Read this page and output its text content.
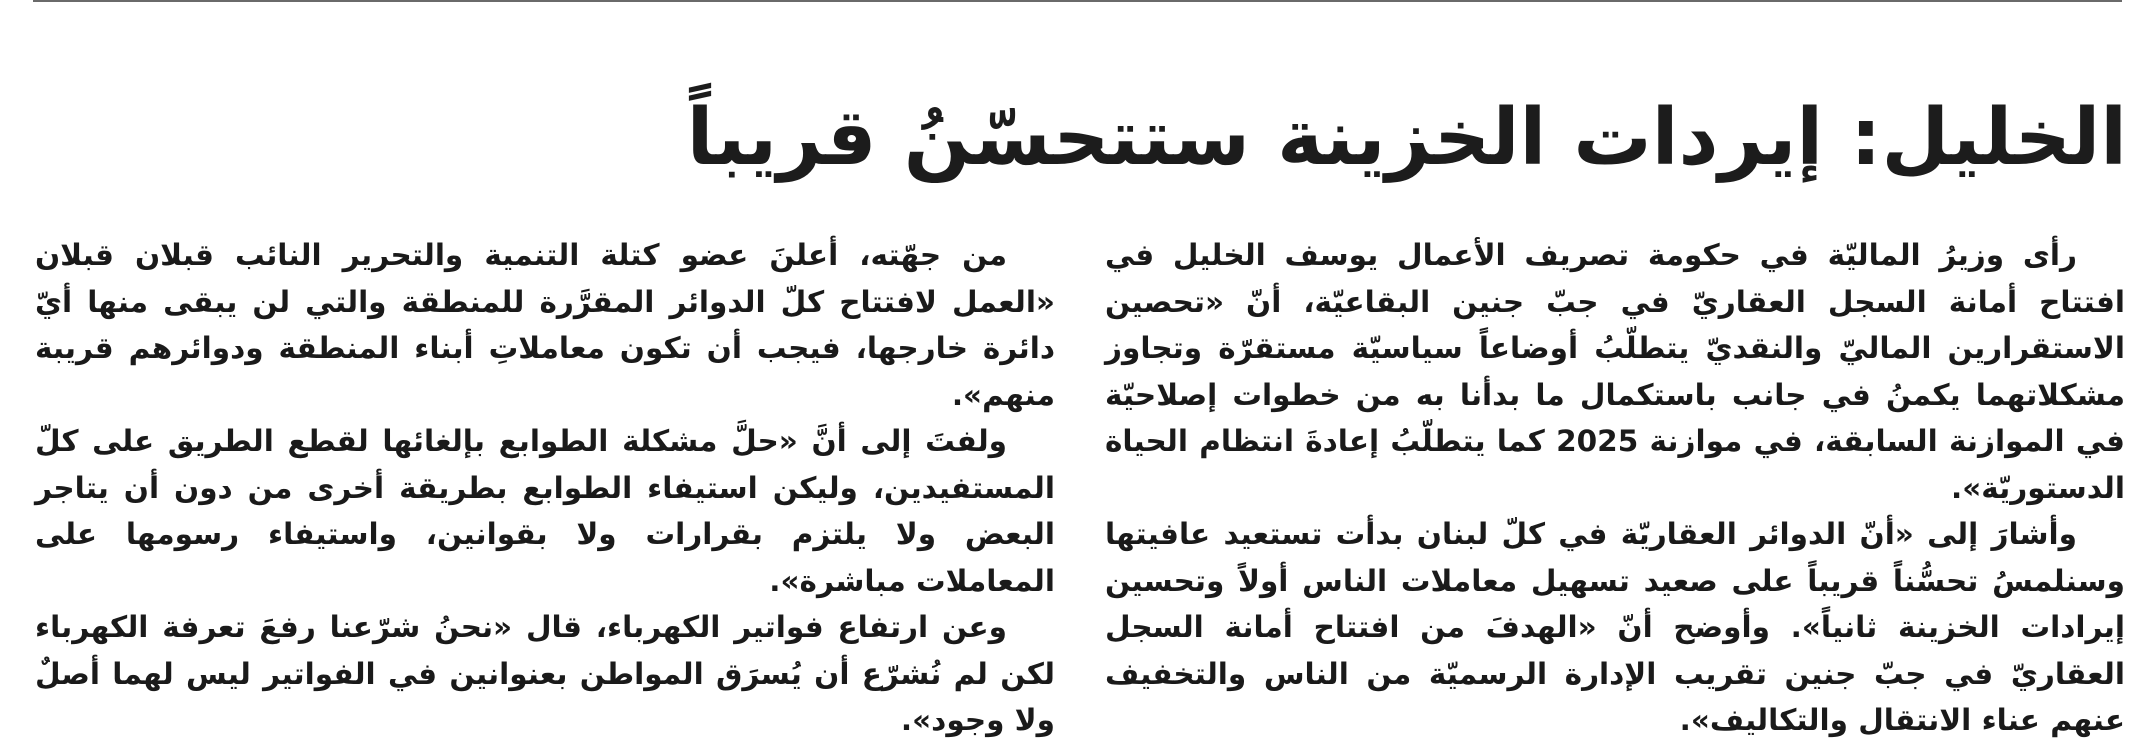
الخليل: إيردات الخزينة ستتحسّنُ قريباً

رأى وزيرُ الماليّة في حكومة تصريف الأعمال يوسف الخليل في افتتاح أمانة السجل العقاريّ في جبّ جنين البقاعيّة، أنّ «تحصين الاستقرارين الماليّ والنقديّ يتطلّبُ أوضاعاً سياسيّة مستقرّة وتجاوز مشكلاتهما يكمنُ في جانب باستكمال ما بدأنا به من خطوات إصلاحيّة في الموازنة السابقة، في موازنة 2025 كما يتطلّبُ إعادةَ انتظام الحياة الدستوريّة».

وأشارَ إلى «أنّ الدوائر العقاريّة في كلّ لبنان بدأت تستعيد عافيتها وسنلمسُ تحسُّناً قريباً على صعيد تسهيل معاملات الناس أولاً وتحسين إيرادات الخزينة ثانياً». وأوضح أنّ «الهدفَ من افتتاح أمانة السجل العقاريّ في جبّ جنين تقريب الإدارة الرسميّة من الناس والتخفيف عنهم عناء الانتقال والتكاليف».

من جهّته، أعلنَ عضو كتلة التنمية والتحرير النائب قبلان قبلان «العمل لافتتاح كلّ الدوائر المقرَّرة للمنطقة والتي لن يبقى منها أيّ دائرة خارجها، فيجب أن تكون معاملاتِ أبناء المنطقة ودوائرهم قريبة منهم».

ولفتَ إلى أنَّ «حلَّ مشكلة الطوابع بإلغائها لقطع الطريق على كلّ المستفيدين، وليكن استيفاء الطوابع بطريقة أخرى من دون أن يتاجر البعض ولا يلتزم بقرارات ولا بقوانين، واستيفاء رسومها على المعاملات مباشرة».

وعن ارتفاع فواتير الكهرباء، قال «نحنُ شرّعنا رفعَ تعرفة الكهرباء لكن لم نُشرّع أن يُسرَق المواطن بعنوانين في الفواتير ليس لهما أصلٌ ولا وجود».
